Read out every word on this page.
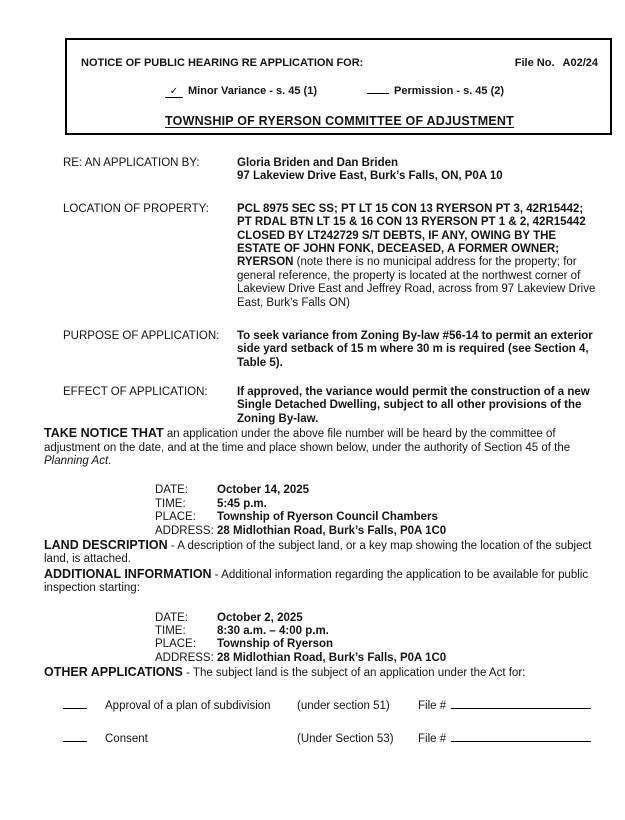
NOTICE OF PUBLIC HEARING RE APPLICATION FOR:	File No. A02/24
✓ Minor Variance - s. 45 (1)	Permission - s. 45 (2)
TOWNSHIP OF RYERSON COMMITTEE OF ADJUSTMENT
RE: AN APPLICATION BY:	Gloria Briden and Dan Briden
97 Lakeview Drive East, Burk’s Falls, ON, P0A 10
LOCATION OF PROPERTY:	PCL 8975 SEC SS; PT LT 15 CON 13 RYERSON PT 3, 42R15442; PT RDAL BTN LT 15 & 16 CON 13 RYERSON PT 1 & 2, 42R15442 CLOSED BY LT242729 S/T DEBTS, IF ANY, OWING BY THE ESTATE OF JOHN FONK, DECEASED, A FORMER OWNER; RYERSON (note there is no municipal address for the property; for general reference, the property is located at the northwest corner of Lakeview Drive East and Jeffrey Road, across from 97 Lakeview Drive East, Burk’s Falls ON)
PURPOSE OF APPLICATION:	To seek variance from Zoning By-law #56-14 to permit an exterior side yard setback of 15 m where 30 m is required (see Section 4, Table 5).
EFFECT OF APPLICATION:	If approved, the variance would permit the construction of a new Single Detached Dwelling, subject to all other provisions of the Zoning By-law.

TAKE NOTICE THAT an application under the above file number will be heard by the committee of adjustment on the date, and at the time and place shown below, under the authority of Section 45 of the Planning Act.

DATE:	October 14, 2025
TIME:	5:45 p.m.
PLACE:	Township of Ryerson Council Chambers
ADDRESS: 28 Midlothian Road, Burk’s Falls, P0A 1C0

LAND DESCRIPTION - A description of the subject land, or a key map showing the location of the subject land, is attached.

ADDITIONAL INFORMATION - Additional information regarding the application to be available for public inspection starting:

DATE:	October 2, 2025
TIME:	8:30 a.m. – 4:00 p.m.
PLACE:	Township of Ryerson
ADDRESS: 28 Midlothian Road, Burk’s Falls, P0A 1C0

OTHER APPLICATIONS - The subject land is the subject of an application under the Act for:

Approval of a plan of subdivision	(under section 51)	File #
Consent	(Under Section 53)	File #
